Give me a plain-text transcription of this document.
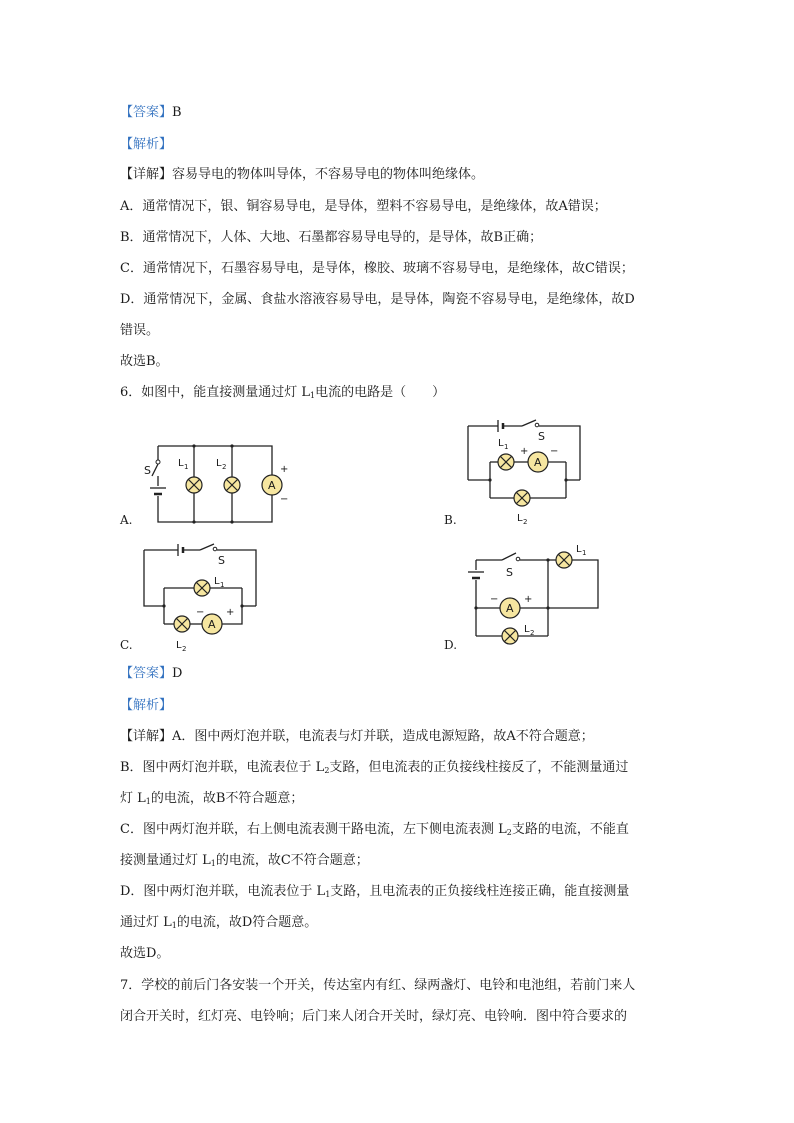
【答案】B
【解析】
【详解】容易导电的物体叫导体，不容易导电的物体叫绝缘体。
A．通常情况下，银、铜容易导电，是导体，塑料不容易导电，是绝缘体，故A错误；
B．通常情况下，人体、大地、石墨都容易导电导的，是导体，故B正确；
C．通常情况下，石墨容易导电，是导体，橡胶、玻璃不容易导电，是绝缘体，故C错误；
D．通常情况下，金属、食盐水溶液容易导电，是导体，陶瓷不容易导电，是绝缘体，故D
错误。
故选B。
6．如图中，能直接测量通过灯 $L_1$电流的电路是（　　）
A.
S
L 1	L 2
A
+
−
B.
S
A
+ −
L 1
L 2
C.
S
L 1
A
− +
L 2	D.
S
L 1
A
−	+
L 2
【答案】D
【解析】
【详解】A．图中两灯泡并联，电流表与灯并联，造成电源短路，故A不符合题意；
B．图中两灯泡并联，电流表位于 $L_2$支路，但电流表的正负接线柱接反了，不能测量通过
灯 $L_1$的电流，故B不符合题意；
C．图中两灯泡并联，右上侧电流表测干路电流，左下侧电流表测 $L_2$支路的电流，不能直
接测量通过灯 $L_1$的电流，故C不符合题意；
D．图中两灯泡并联，电流表位于 $L_1$支路，且电流表的正负接线柱连接正确，能直接测量
通过灯 $L_1$的电流，故D符合题意。
故选D。
7．学校的前后门各安装一个开关，传达室内有红、绿两盏灯、电铃和电池组，若前门来人
闭合开关时，红灯亮、电铃响；后门来人闭合开关时，绿灯亮、电铃响．图中符合要求的
